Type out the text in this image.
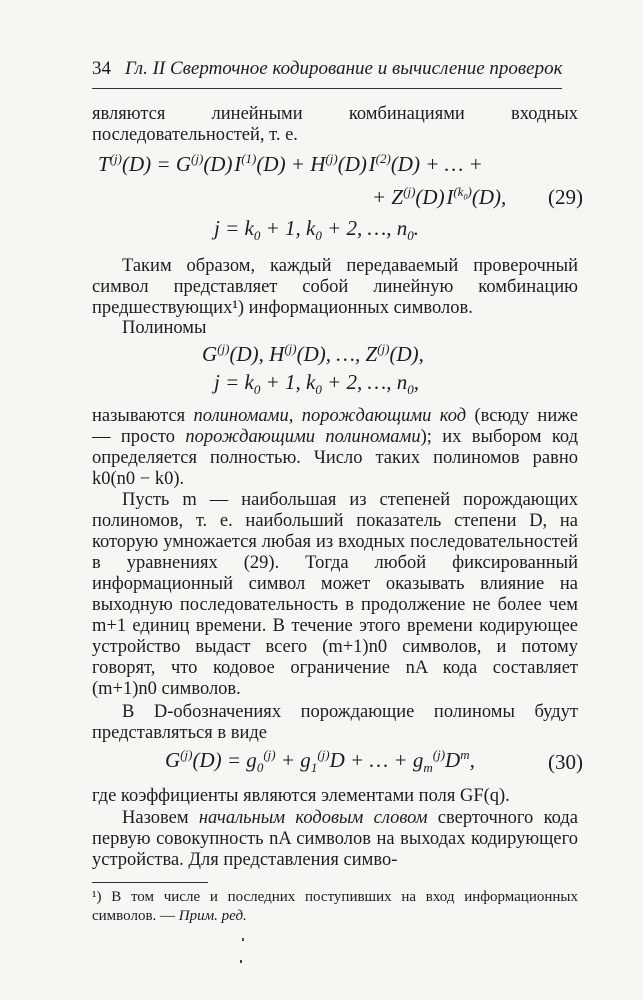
34 Гл. II Сверточное кодирование и вычисление проверок
являются линейными комбинациями входных последовательностей, т. е.
$T^{(j)}(D) = G^{(j)}(D)$ $I^{(1)}(D) + H^{(j)}(D)$ $I^{(2)}(D)$ + … +
+ $Z^{(j)}(D)$ $I^{(k_0)}(D)$, (29)
$j = k_0 + 1$, $k_0 + 2$, …, $n_0$.
Таким образом, каждый передаваемый проверочный символ представляет собой линейную комбинацию предшествующих¹) информационных символов.
Полиномы
$G^{(j)}(D)$, $H^{(j)}(D)$, …, $Z^{(j)}(D)$,
$j = k_0 + 1$, $k_0 + 2$, …, $n_0$,
называются полиномами, порождающими код (всюду ниже — просто порождающими полиномами); их выбором код определяется полностью. Число таких полиномов равно k0(n0 − k0).
Пусть m — наибольшая из степеней порождающих полиномов, т. е. наибольший показатель степени D, на которую умножается любая из входных последовательностей в уравнениях (29). Тогда любой фиксированный информационный символ может оказывать влияние на выходную последовательность в продолжение не более чем m+1 единиц времени. В течение этого времени кодирующее устройство выдаст всего (m+1)n0 символов, и потому говорят, что кодовое ограничение nA кода составляет (m+1)n0 символов.
В D-обозначениях порождающие полиномы будут представляться в виде
$G^{(j)}(D) = g_0^{(j)} + g_1^{(j)}D$ + … + $g_m^{(j)}D^m$,	(30)
где коэффициенты являются элементами поля GF(q).
Назовем начальным кодовым словом сверточного кода первую совокупность nA символов на выходах кодирующего устройства. Для представления симво-
¹) В том числе и последних поступивших на вход информационных символов. — Прим. ред.
